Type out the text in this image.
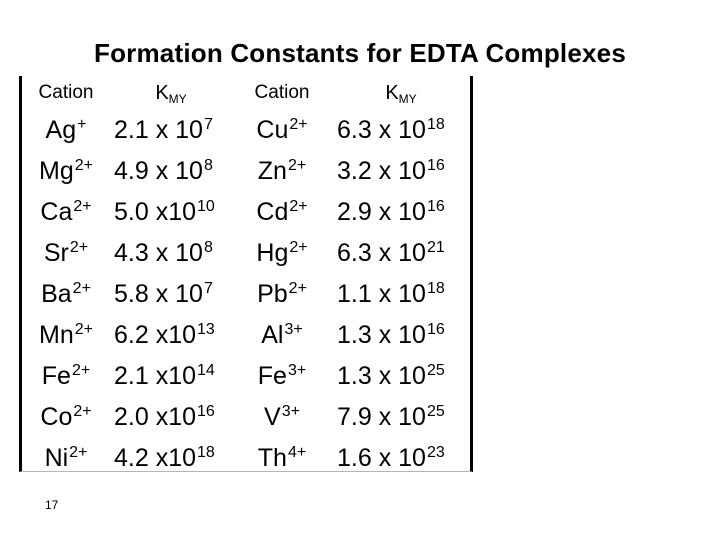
Formation Constants for EDTA Complexes
Cation	$K_{MY}$	Cation	$K_{MY}$
Ag+	2.1 x $10^7$	$Cu^{2+}$	6.3 x $10^{18}$
$Mg^{2+}$	4.9 x $10^8$	$Zn^{2+}$	3.2 x $10^{16}$
$Ca^{2+}$	5.0 $x10^{10}$	$Cd^{2+}$	2.9 x $10^{16}$
$Sr^{2+}$	4.3 x $10^8$	$Hg^{2+}$	6.3 x $10^{21}$
$Ba^{2+}$	5.8 x $10^7$	$Pb^{2+}$	1.1 x $10^{18}$
$Mn^{2+}$	6.2 $x10^{13}$	$Al^{3+}$	1.3 x $10^{16}$
$Fe^{2+}$	2.1 $x10^{14}$	$Fe^{3+}$	1.3 x $10^{25}$
$Co^{2+}$	2.0 $x10^{16}$	$V^{3+}$	7.9 x $10^{25}$
$Ni^{2+}$	4.2 $x10^{18}$	$Th^{4+}$	1.6 x $10^{23}$
17
